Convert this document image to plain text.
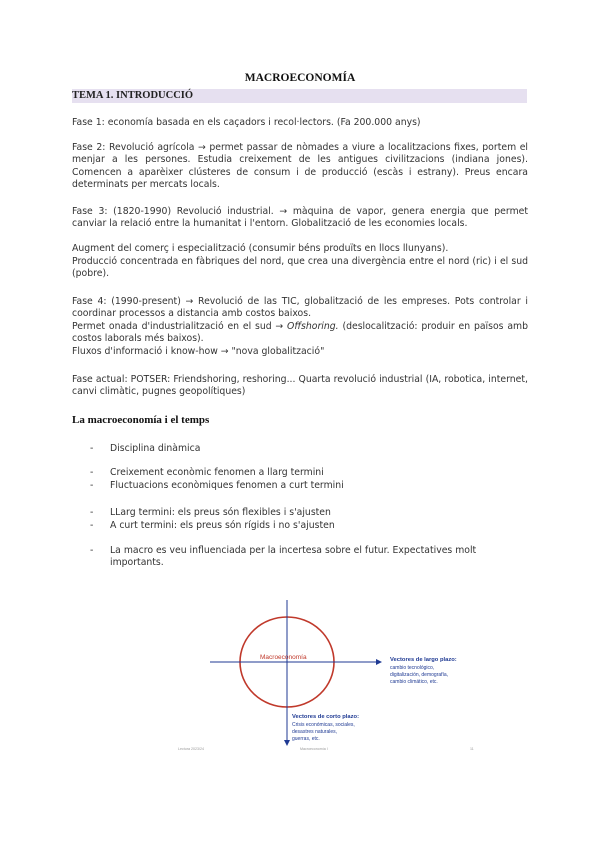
MACROECONOMÍA
TEMA 1. INTRODUCCIÓ

Fase 1: economía basada en els caçadors i recol·lectors. (Fa 200.000 anys)

Fase 2: Revolució agrícola → permet passar de nòmades a viure a localitzacions fixes, portem el menjar a les persones. Estudia creixement de les antigues civilitzacions (indiana jones). Comencen a aparèixer clústeres de consum i de producció (escàs i estrany). Preus encara determinats per mercats locals.

Fase 3: (1820-1990) Revolució industrial. → màquina de vapor, genera energia que permet canviar la relació entre la humanitat i l'entorn. Globalització de les economies locals.

Augment del comerç i especialització (consumir béns produïts en llocs llunyans).

Producció concentrada en fàbriques del nord, que crea una divergència entre el nord (ric) i el sud (pobre).

Fase 4: (1990-present) → Revolució de las TIC, globalització de les empreses. Pots controlar i coordinar processos a distancia amb costos baixos.

Permet onada d'industrialització en el sud → Offshoring. (deslocalització: produir en països amb costos laborals més baixos).

Fluxos d'informació i know-how → "nova globalització"

Fase actual: POTSER: Friendshoring, reshoring... Quarta revolució industrial (IA, robotica, internet, canvi climàtic, pugnes geopolítiques)

La macroeconomía i el temps
- Disciplina dinàmica
- Creixement econòmic fenomen a llarg termini
- Fluctuacions econòmiques fenomen a curt termini
- LLarg termini: els preus són flexibles i s'ajusten
- A curt termini: els preus són rígids i no s'ajusten
- La macro es veu influenciada per la incertesa sobre el futur. Expectatives molt importants.
Macroeconomía	Vectores de largo plazo:
cambio tecnológico,
digitalización, demografía,
cambio climático, etc.
Vectores de corto plazo:
Crisis económicas, sociales,
desastres naturales,
guerras, etc.
Lectura 2023/24	Macroeconomía I	11
